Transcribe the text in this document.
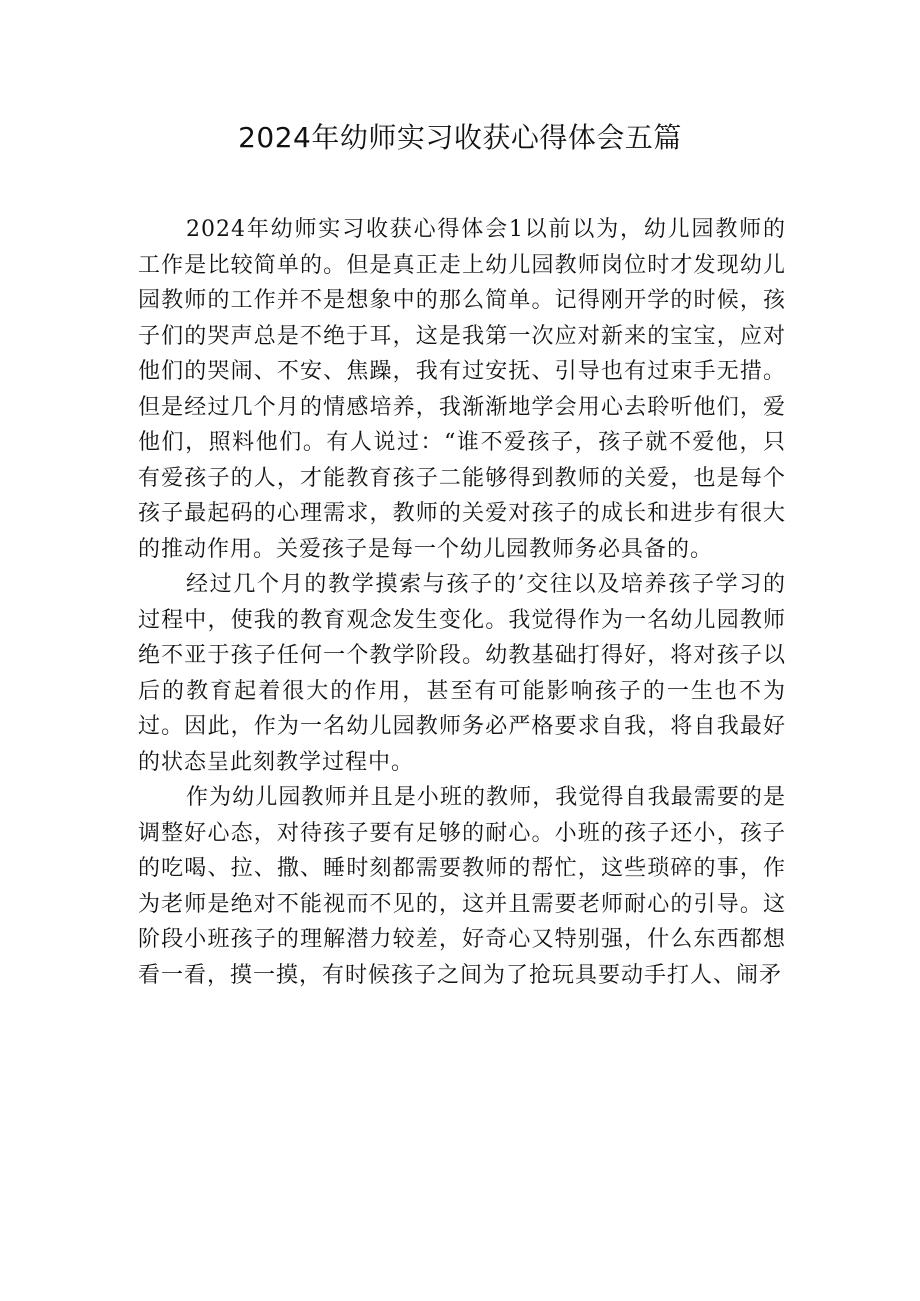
2024年幼师实习收获心得体会五篇

2024年幼师实习收获心得体会1以前以为，幼儿园教师的工作是比较简单的。但是真正走上幼儿园教师岗位时才发现幼儿园教师的工作并不是想象中的那么简单。记得刚开学的时候，孩子们的哭声总是不绝于耳，这是我第一次应对新来的宝宝，应对他们的哭闹、不安、焦躁，我有过安抚、引导也有过束手无措。但是经过几个月的情感培养，我渐渐地学会用心去聆听他们，爱他们，照料他们。有人说过：“谁不爱孩子，孩子就不爱他，只有爱孩子的人，才能教育孩子二能够得到教师的关爱，也是每个孩子最起码的心理需求，教师的关爱对孩子的成长和进步有很大的推动作用。关爱孩子是每一个幼儿园教师务必具备的。

经过几个月的教学摸索与孩子的’交往以及培养孩子学习的过程中，使我的教育观念发生变化。我觉得作为一名幼儿园教师绝不亚于孩子任何一个教学阶段。幼教基础打得好，将对孩子以后的教育起着很大的作用，甚至有可能影响孩子的一生也不为过。因此，作为一名幼儿园教师务必严格要求自我，将自我最好的状态呈此刻教学过程中。

作为幼儿园教师并且是小班的教师，我觉得自我最需要的是调整好心态，对待孩子要有足够的耐心。小班的孩子还小，孩子的吃喝、拉、撒、睡时刻都需要教师的帮忙，这些琐碎的事，作为老师是绝对不能视而不见的，这并且需要老师耐心的引导。这阶段小班孩子的理解潜力较差，好奇心又特别强，什么东西都想看一看，摸一摸，有时候孩子之间为了抢玩具要动手打人、闹矛
